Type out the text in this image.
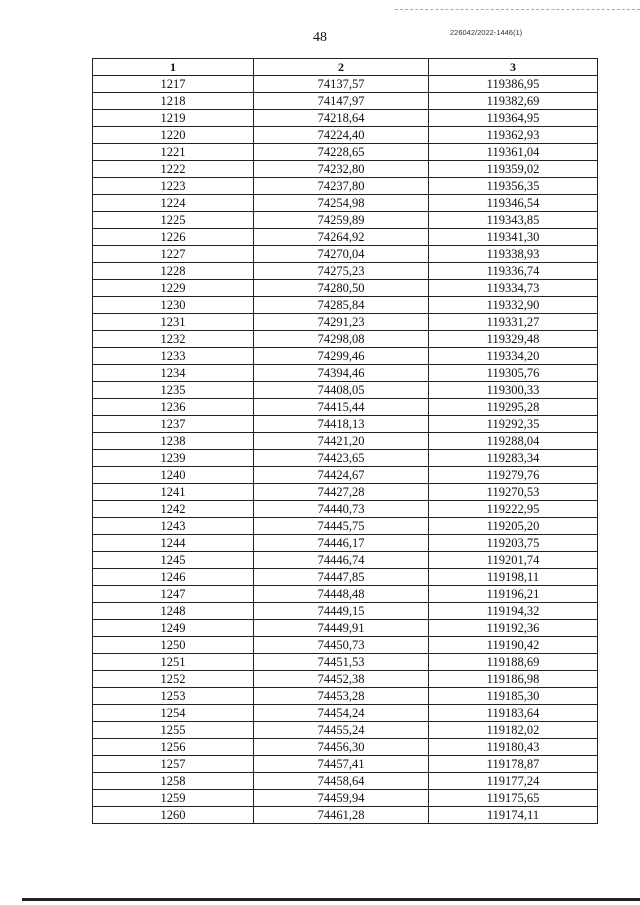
48	226042/2022-1446(1)
1	2	3
1217	74137,57	119386,95
1218	74147,97	119382,69
1219	74218,64	119364,95
1220	74224,40	119362,93
1221	74228,65	119361,04
1222	74232,80	119359,02
1223	74237,80	119356,35
1224	74254,98	119346,54
1225	74259,89	119343,85
1226	74264,92	119341,30
1227	74270,04	119338,93
1228	74275,23	119336,74
1229	74280,50	119334,73
1230	74285,84	119332,90
1231	74291,23	119331,27
1232	74298,08	119329,48
1233	74299,46	119334,20
1234	74394,46	119305,76
1235	74408,05	119300,33
1236	74415,44	119295,28
1237	74418,13	119292,35
1238	74421,20	119288,04
1239	74423,65	119283,34
1240	74424,67	119279,76
1241	74427,28	119270,53
1242	74440,73	119222,95
1243	74445,75	119205,20
1244	74446,17	119203,75
1245	74446,74	119201,74
1246	74447,85	119198,11
1247	74448,48	119196,21
1248	74449,15	119194,32
1249	74449,91	119192,36
1250	74450,73	119190,42
1251	74451,53	119188,69
1252	74452,38	119186,98
1253	74453,28	119185,30
1254	74454,24	119183,64
1255	74455,24	119182,02
1256	74456,30	119180,43
1257	74457,41	119178,87
1258	74458,64	119177,24
1259	74459,94	119175,65
1260	74461,28	119174,11
